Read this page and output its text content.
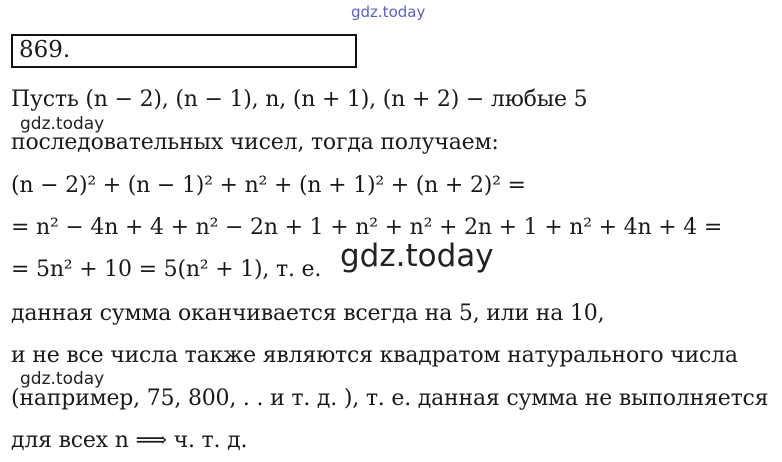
gdz.today
869.
Пусть (n − 2), (n − 1), n, (n + 1), (n + 2) − любые 5
gdz.today
последовательных чисел, тогда получаем:
(n − 2)² + (n − 1)² + n² + (n + 1)² + (n + 2)² =
= n² − 4n + 4 + n² − 2n + 1 + n² + n² + 2n + 1 + n² + 4n + 4 =
= 5n² + 10 = 5(n² + 1), т. е. gdz.today
данная сумма оканчивается всегда на 5, или на 10,
и не все числа также являются квадратом натурального числа
gdz.today
(например, 75, 800, . . и т. д. ), т. е. данная сумма не выполняется
для всех n ⟹ ч. т. д.
